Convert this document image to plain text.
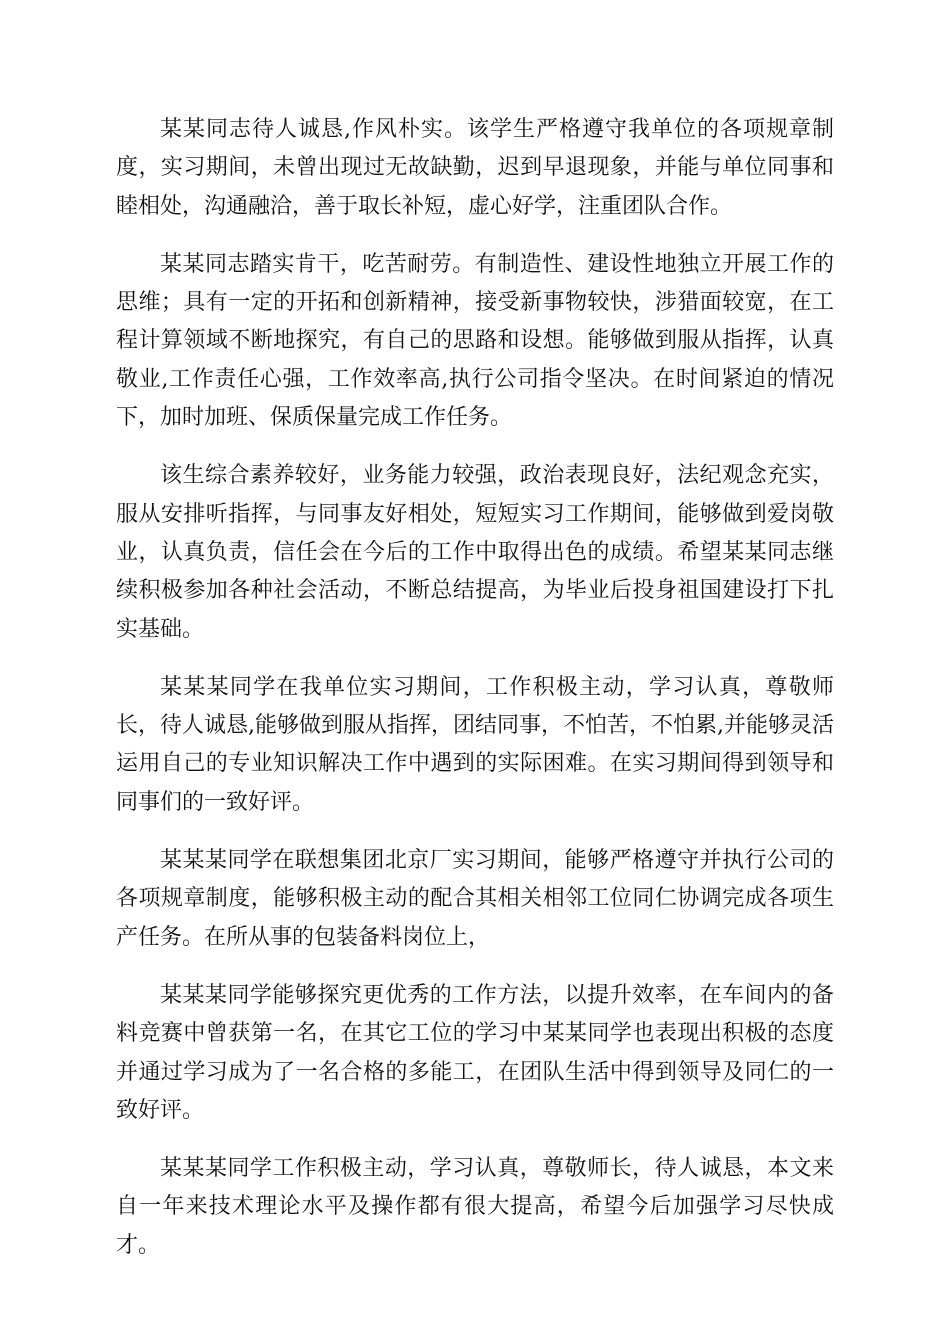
某某同志待人诚恳,作风朴实。该学生严格遵守我单位的各项规章制度，实习期间，未曾出现过无故缺勤，迟到早退现象，并能与单位同事和睦相处，沟通融洽，善于取长补短，虚心好学，注重团队合作。

某某同志踏实肯干，吃苦耐劳。有制造性、建设性地独立开展工作的思维；具有一定的开拓和创新精神，接受新事物较快，涉猎面较宽，在工程计算领域不断地探究，有自己的思路和设想。能够做到服从指挥，认真敬业,工作责任心强，工作效率高,执行公司指令坚决。在时间紧迫的情况下，加时加班、保质保量完成工作任务。

该生综合素养较好，业务能力较强，政治表现良好，法纪观念充实，服从安排听指挥，与同事友好相处，短短实习工作期间，能够做到爱岗敬业，认真负责，信任会在今后的工作中取得出色的成绩。希望某某同志继续积极参加各种社会活动，不断总结提高，为毕业后投身祖国建设打下扎实基础。

某某某同学在我单位实习期间，工作积极主动，学习认真，尊敬师长，待人诚恳,能够做到服从指挥，团结同事，不怕苦，不怕累,并能够灵活运用自己的专业知识解决工作中遇到的实际困难。在实习期间得到领导和同事们的一致好评。

某某某同学在联想集团北京厂实习期间，能够严格遵守并执行公司的各项规章制度，能够积极主动的配合其相关相邻工位同仁协调完成各项生产任务。在所从事的包装备料岗位上，

某某某同学能够探究更优秀的工作方法，以提升效率，在车间内的备料竞赛中曾获第一名，在其它工位的学习中某某同学也表现出积极的态度并通过学习成为了一名合格的多能工，在团队生活中得到领导及同仁的一致好评。

某某某同学工作积极主动，学习认真，尊敬师长，待人诚恳，本文来自一年来技术理论水平及操作都有很大提高，希望今后加强学习尽快成才。
